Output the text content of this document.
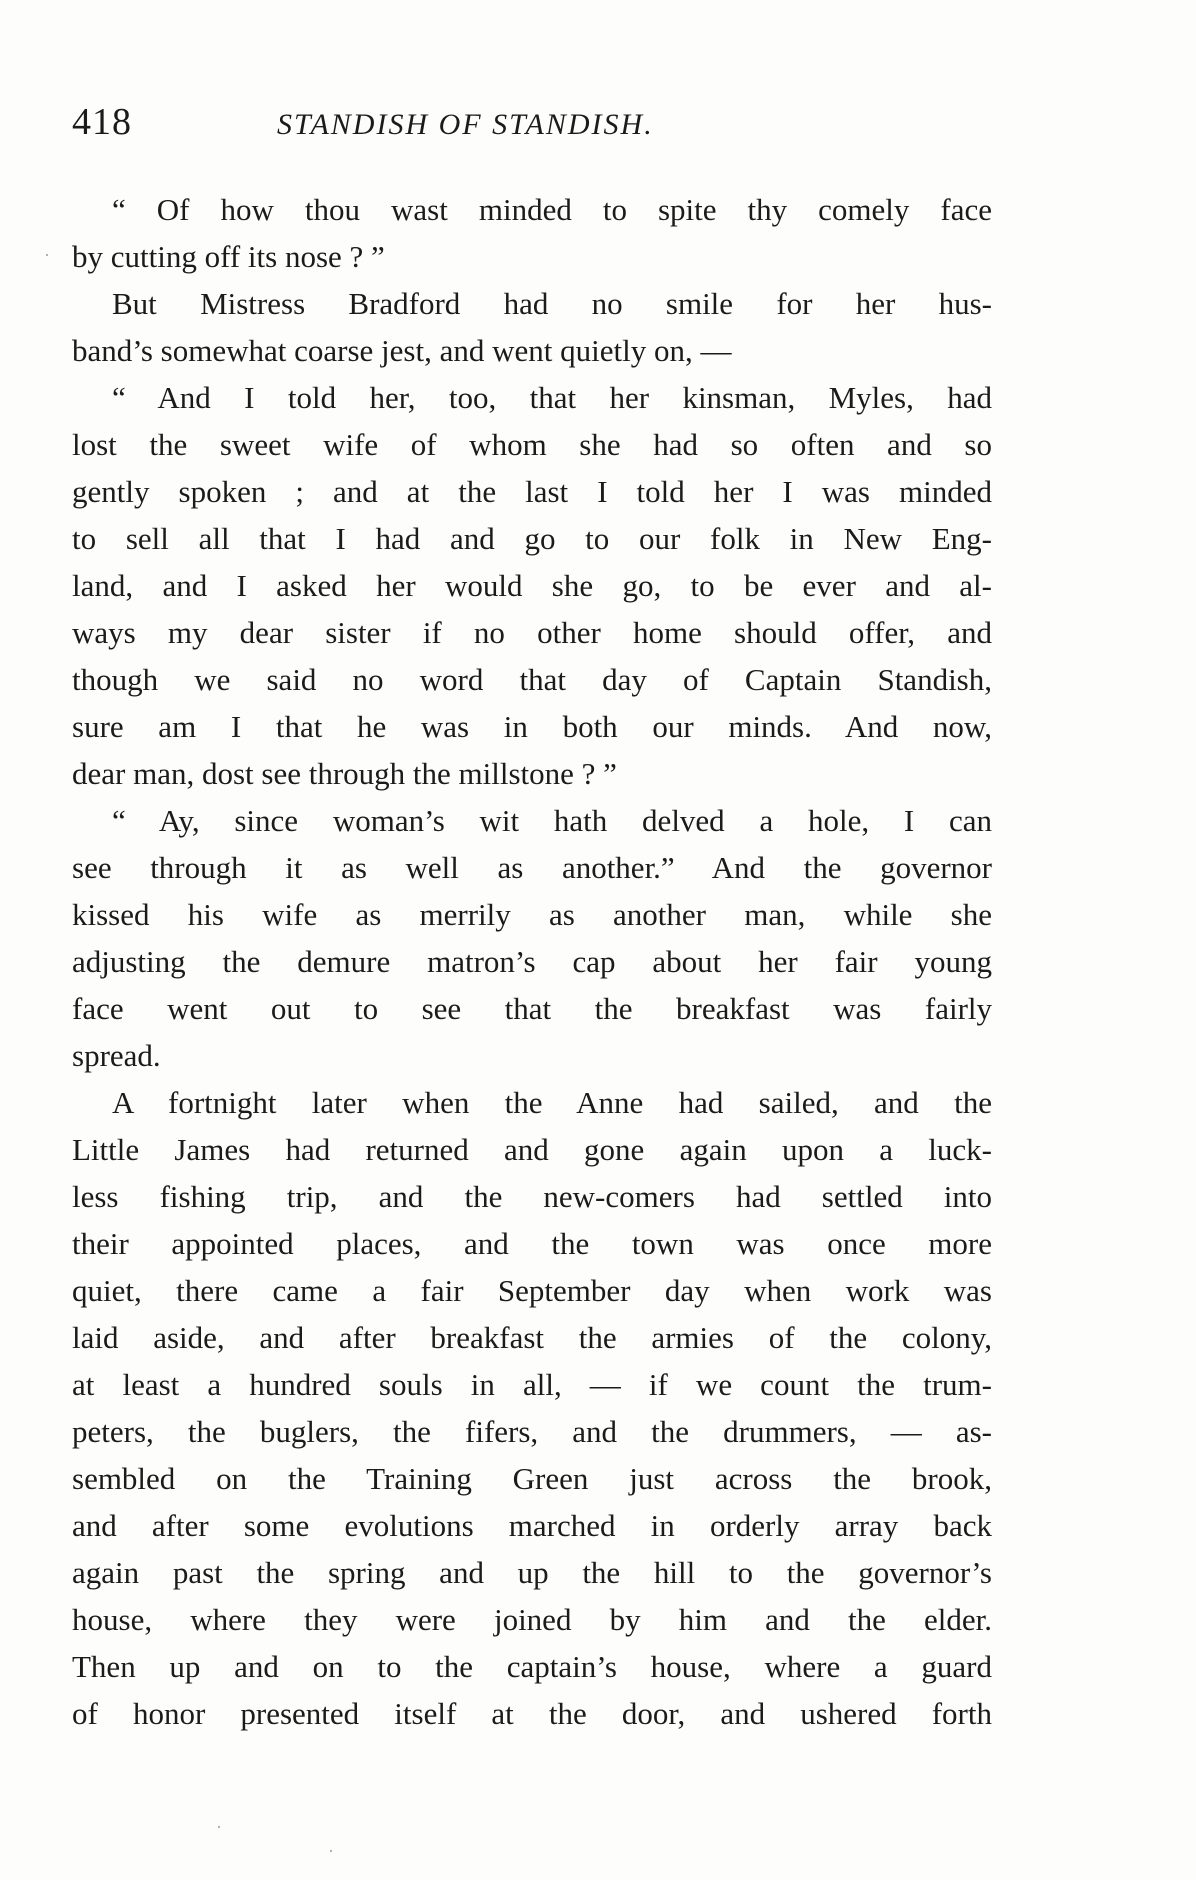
418	STANDISH OF STANDISH.
“ Of how thou wast minded to spite thy comely face
by cutting off its nose ? ”
But Mistress Bradford had no smile for her hus-
band’s somewhat coarse jest, and went quietly on, —
“ And I told her, too, that her kinsman, Myles, had
lost the sweet wife of whom she had so often and so
gently spoken ; and at the last I told her I was minded
to sell all that I had and go to our folk in New Eng-
land, and I asked her would she go, to be ever and al-
ways my dear sister if no other home should offer, and
though we said no word that day of Captain Standish,
sure am I that he was in both our minds. And now,
dear man, dost see through the millstone ? ”
“ Ay, since woman’s wit hath delved a hole, I can
see through it as well as another.” And the governor
kissed his wife as merrily as another man, while she
adjusting the demure matron’s cap about her fair young
face went out to see that the breakfast was fairly
spread.
A fortnight later when the Anne had sailed, and the
Little James had returned and gone again upon a luck-
less fishing trip, and the new-comers had settled into
their appointed places, and the town was once more
quiet, there came a fair September day when work was
laid aside, and after breakfast the armies of the colony,
at least a hundred souls in all, — if we count the trum-
peters, the buglers, the fifers, and the drummers, — as-
sembled on the Training Green just across the brook,
and after some evolutions marched in orderly array back
again past the spring and up the hill to the governor’s
house, where they were joined by him and the elder.
Then up and on to the captain’s house, where a guard
of honor presented itself at the door, and ushered forth
